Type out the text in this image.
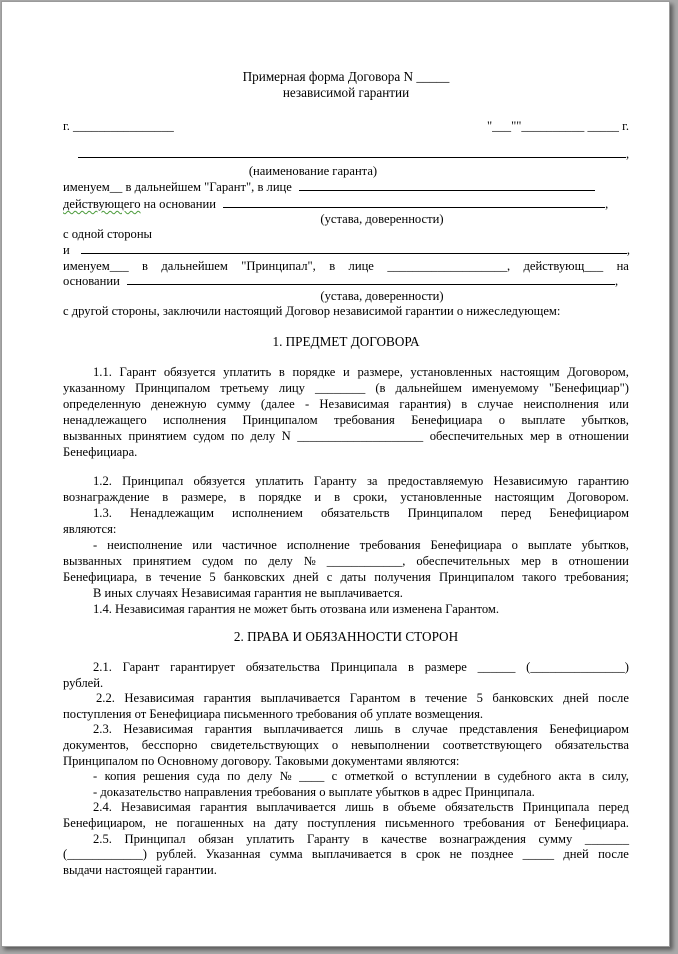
Примерная форма Договора N _____
независимой гарантии
г. ________________	"___""__________ _____ г.
,
(наименование гаранта)
именуем__ в дальнейшем "Гарант", в лице
действующего на основании	,
(устава, доверенности)
с одной стороны
и	,
именуем___ в дальнейшем "Принципал", в лице ___________________, действующ___ на
основании	,
(устава, доверенности)
с другой стороны, заключили настоящий Договор независимой гарантии о нижеследующем:
1. ПРЕДМЕТ ДОГОВОРА
1.1. Гарант обязуется уплатить в порядке и размере, установленных настоящим Договором,
указанному Принципалом третьему лицу ________ (в дальнейшем именуемому "Бенефициар")
определенную денежную сумму (далее - Независимая гарантия) в случае неисполнения или
ненадлежащего исполнения Принципалом требования Бенефициара о выплате убытков,
вызванных принятием судом по делу N ____________________ обеспечительных мер в отношении
Бенефициара.
1.2. Принципал обязуется уплатить Гаранту за предоставляемую Независимую гарантию
вознаграждение в размере, в порядке и в сроки, установленные настоящим Договором.
1.3. Ненадлежащим исполнением обязательств Принципалом перед Бенефициаром
являются:
- неисполнение или частичное исполнение требования Бенефициара о выплате убытков,
вызванных принятием судом по делу № ____________, обеспечительных мер в отношении
Бенефициара, в течение 5 банковских дней с даты получения Принципалом такого требования;
В иных случаях Независимая гарантия не выплачивается.
1.4. Независимая гарантия не может быть отозвана или изменена Гарантом.
2. ПРАВА И ОБЯЗАННОСТИ СТОРОН
2.1. Гарант гарантирует обязательства Принципала в размере ______ (_______________)
рублей.
2.2. Независимая гарантия выплачивается Гарантом в течение 5 банковских дней после
поступления от Бенефициара письменного требования об уплате возмещения.
2.3. Независимая гарантия выплачивается лишь в случае представления Бенефициаром
документов, бесспорно свидетельствующих о невыполнении соответствующего обязательства
Принципалом по Основному договору. Таковыми документами являются:
- копия решения суда по делу № ____ с отметкой о вступлении в судебного акта в силу,
- доказательство направления требования о выплате убытков в адрес Принципала.
2.4. Независимая гарантия выплачивается лишь в объеме обязательств Принципала перед
Бенефициаром, не погашенных на дату поступления письменного требования от Бенефициара.
2.5. Принципал обязан уплатить Гаранту в качестве вознаграждения сумму _______
(____________) рублей. Указанная сумма выплачивается в срок не позднее _____ дней после
выдачи настоящей гарантии.
